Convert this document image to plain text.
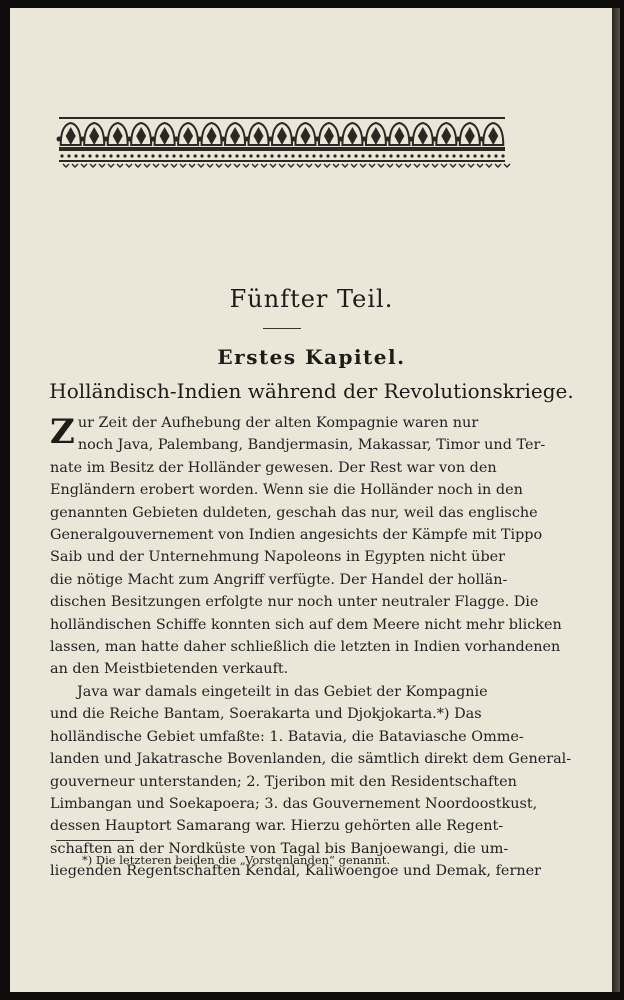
Fünfter Teil.
Erstes Kapitel.
Holländisch-Indien während der Revolutionskriege.
Z ur Zeit der Aufhebung der alten Kompagnie waren nur
noch Java, Palembang, Bandjermasin, Makassar, Timor und Ter-
nate im Besitz der Holländer gewesen. Der Rest war von den
Engländern erobert worden. Wenn sie die Holländer noch in den
genannten Gebieten duldeten, geschah das nur, weil das englische
Generalgouvernement von Indien angesichts der Kämpfe mit Tippo
Saib und der Unternehmung Napoleons in Egypten nicht über
die nötige Macht zum Angriff verfügte. Der Handel der hollän-
dischen Besitzungen erfolgte nur noch unter neutraler Flagge. Die
holländischen Schiffe konnten sich auf dem Meere nicht mehr blicken
lassen, man hatte daher schließlich die letzten in Indien vorhandenen
an den Meistbietenden verkauft.
Java war damals eingeteilt in das Gebiet der Kompagnie
und die Reiche Bantam, Soerakarta und Djokjokarta.*) Das
holländische Gebiet umfaßte: 1. Batavia, die Bataviasche Omme-
landen und Jakatrasche Bovenlanden, die sämtlich direkt dem General-
gouverneur unterstanden; 2. Tjeribon mit den Residentschaften
Limbangan und Soekapoera; 3. das Gouvernement Noordoostkust,
dessen Hauptort Samarang war. Hierzu gehörten alle Regent-
schaften an der Nordküste von Tagal bis Banjoewangi, die um-
liegenden Regentschaften Kendal, Kaliwoengoe und Demak, ferner
*) Die letzteren beiden die „Vorstenlanden“ genannt.
